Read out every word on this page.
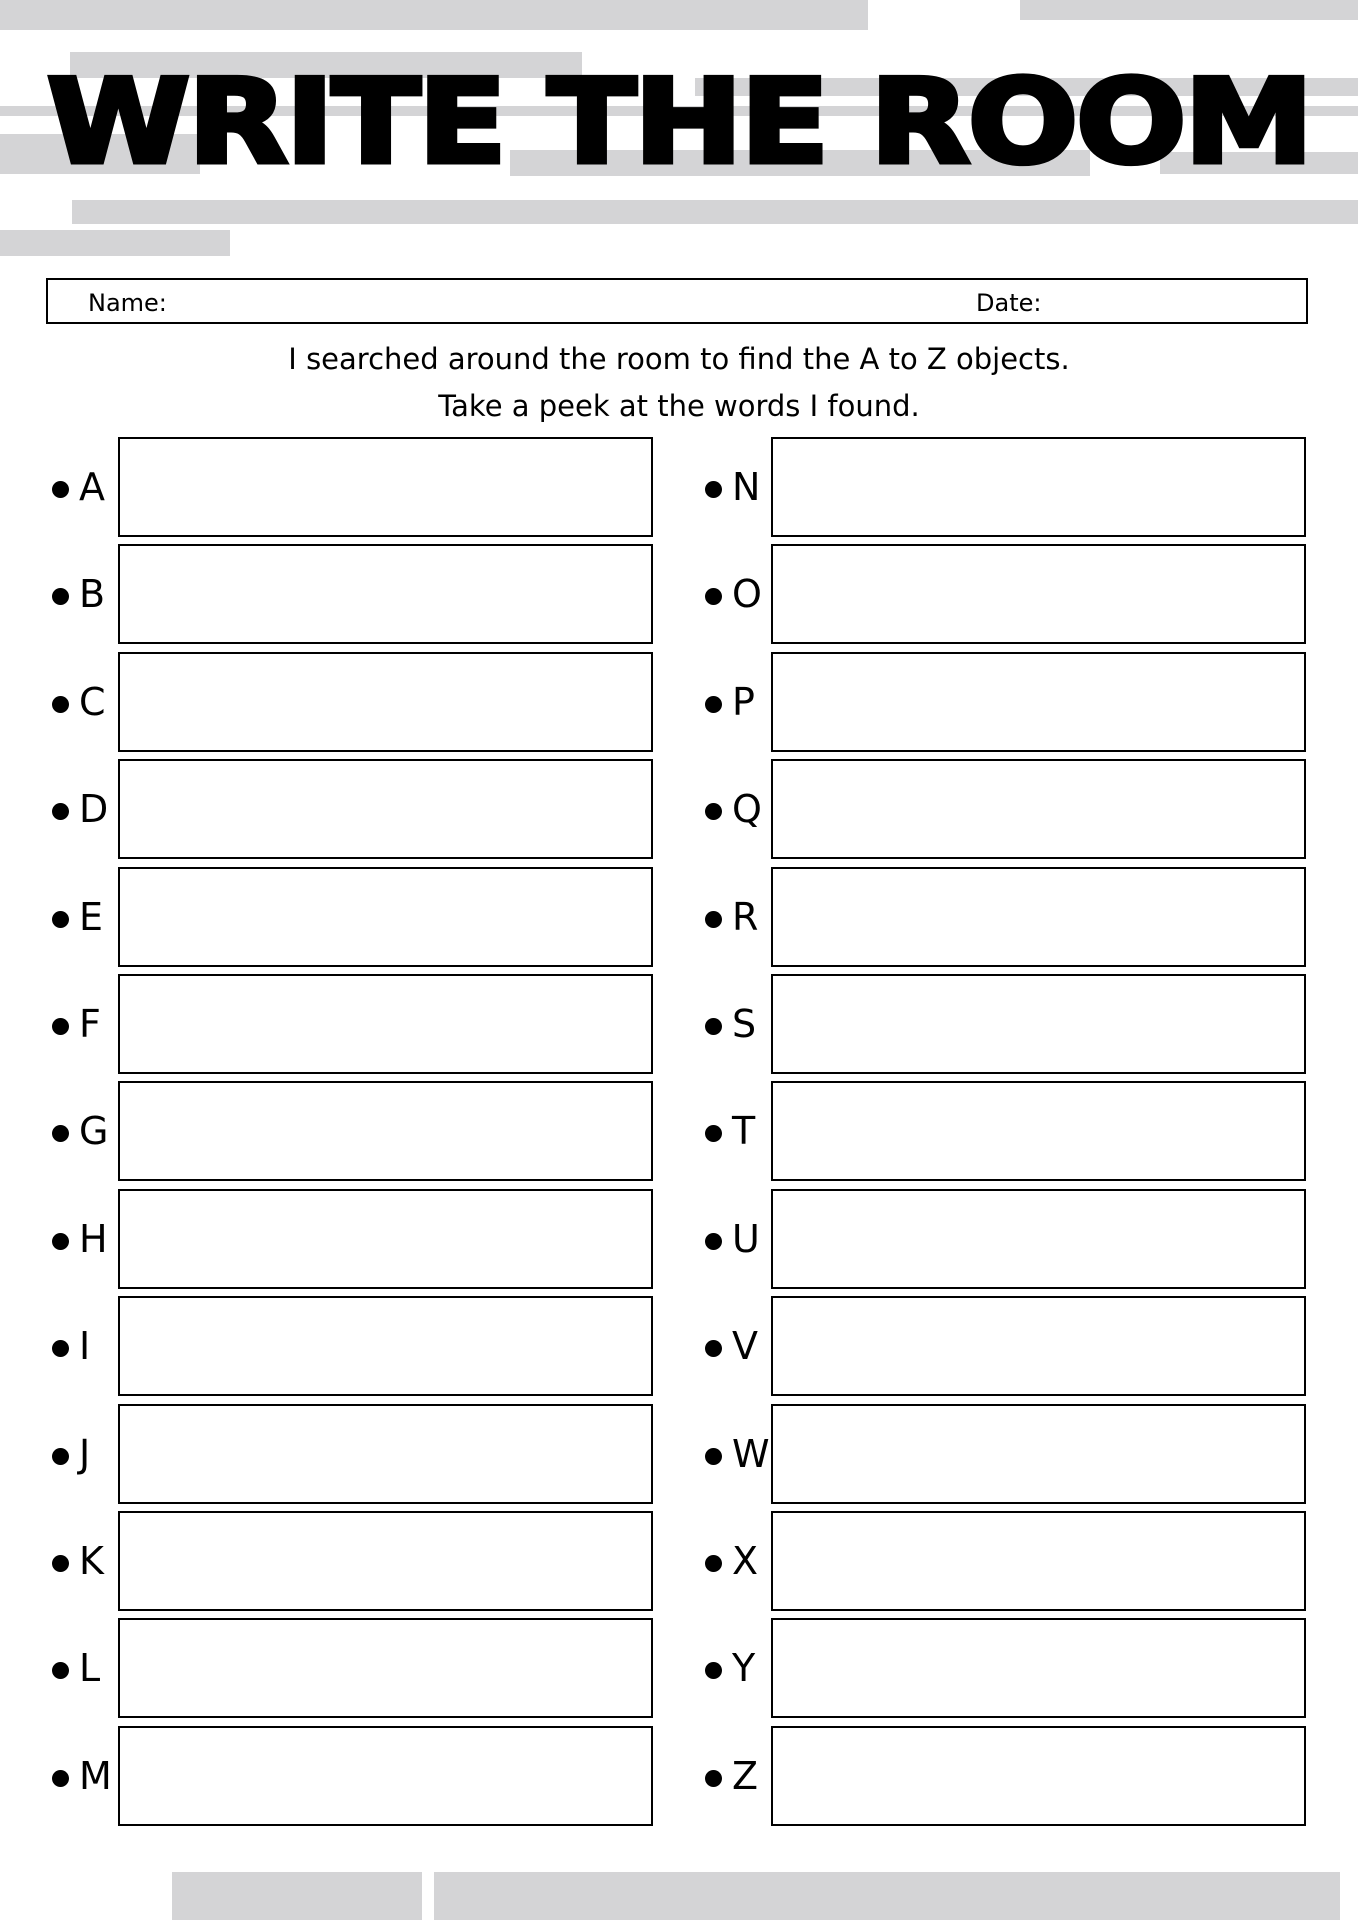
WRITE THE ROOM
Name:	Date:
I searched around the room to find the A to Z objects.
Take a peek at the words I found.
A
B
C
D
E
F
G
H
I
J
K
L
M
N
O
P
Q
R
S
T
U
V
W
X
Y
Z
